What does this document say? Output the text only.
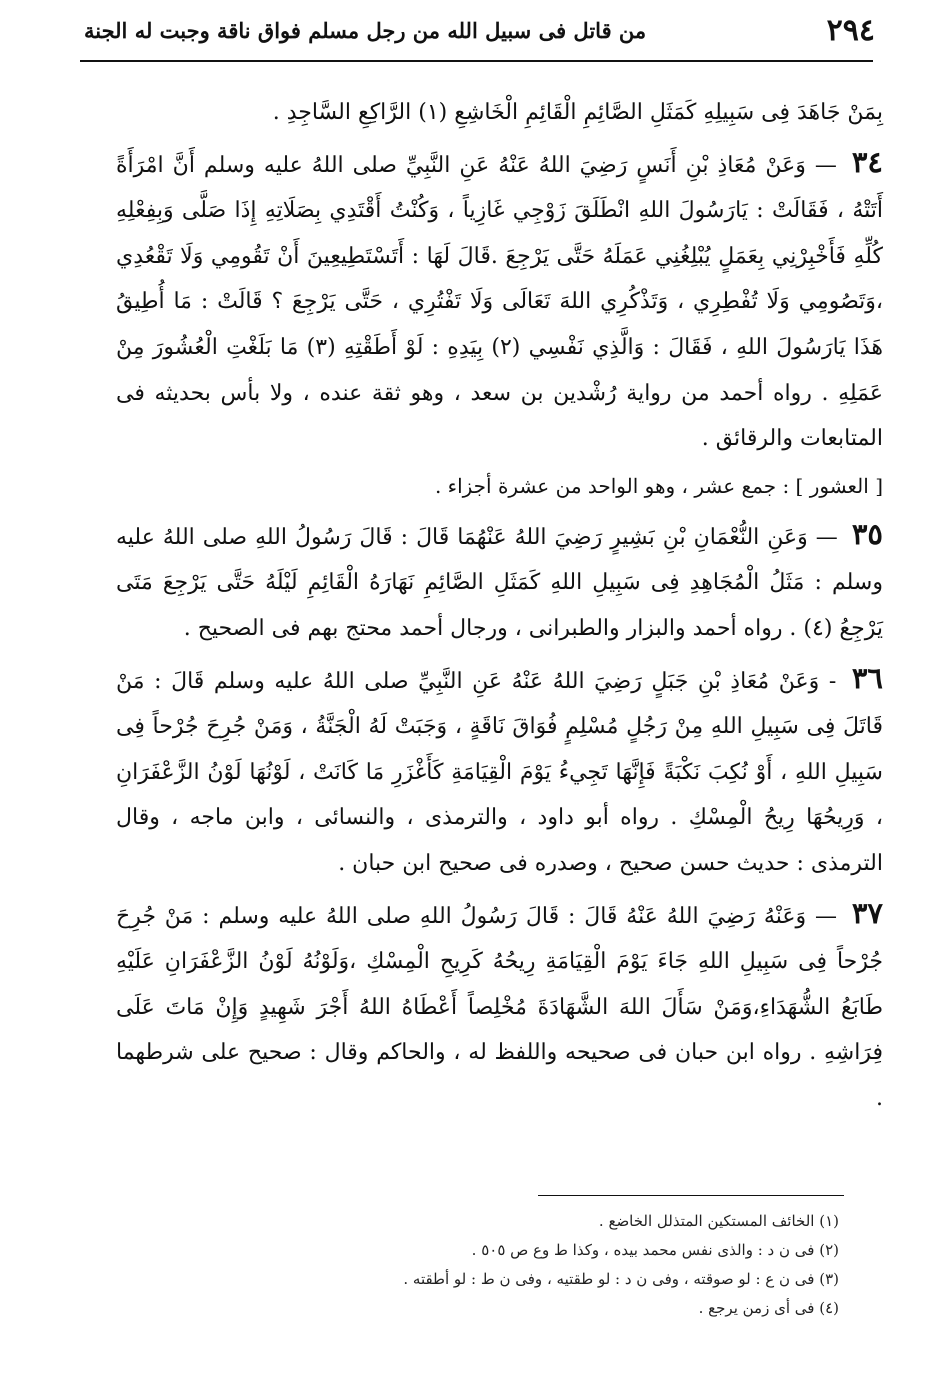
٢٩٤
من قاتل فى سبيل الله من رجل مسلم فواق ناقة وجبت له الجنة

بِمَنْ جَاهَدَ فِى سَبِيلِهِ كَمَثَلِ الصَّائِمِ الْقَائِمِ الْخَاشِعِ (١) الرَّاكِعِ السَّاجِدِ .

٣٤ — وَعَنْ مُعَاذِ بْنِ أَنَسٍ رَضِيَ اللهُ عَنْهُ عَنِ النَّبِيِّ صلى اللهُ عليه وسلم أَنَّ امْرَأَةً أَتَتْهُ ، فَقَالَتْ : يَارَسُولَ اللهِ انْطَلَقَ زَوْجِي غَازِياً ، وَكُنْتُ أَقْتَدِي بِصَلَاتِهِ إِذَا صَلَّى وَبِفِعْلِهِ كُلِّهِ فَأَخْبِرْنِي بِعَمَلٍ يُبْلِغُنِي عَمَلَهُ حَتَّى يَرْجِعَ .قَالَ لَهَا : أَتَسْتَطِيعِينَ أَنْ تَقُومِي وَلَا تَقْعُدِي ،وَتَصُومِي وَلَا تُفْطِرِي ، وَتَذْكُرِي اللهَ تَعَالَى وَلَا تَفْتُرِي ، حَتَّى يَرْجِعَ ؟ قَالَتْ : مَا أُطِيقُ هَذَا يَارَسُولَ اللهِ ، فَقَالَ : وَالَّذِي نَفْسِي (٢) بِيَدِهِ : لَوْ أَطَقْتِهِ (٣) مَا بَلَغْتِ الْعُشُورَ مِنْ عَمَلِهِ . رواه أحمد من رواية رُشْدين بن سعد ، وهو ثقة عنده ، ولا بأس بحديثه فى المتابعات والرقائق .

[ العشور ] : جمع عشر ، وهو الواحد من عشرة أجزاء .

٣٥ — وَعَنِ النُّعْمَانِ بْنِ بَشِيرٍ رَضِيَ اللهُ عَنْهُمَا قَالَ : قَالَ رَسُولُ اللهِ صلى اللهُ عليه وسلم : مَثَلُ الْمُجَاهِدِ فِى سَبِيلِ اللهِ كَمَثَلِ الصَّائِمِ نَهَارَهُ الْقَائِمِ لَيْلَهُ حَتَّى يَرْجِعَ مَتَى يَرْجِعُ (٤) . رواه أحمد والبزار والطبرانى ، ورجال أحمد محتج بهم فى الصحيح .

٣٦ - وَعَنْ مُعَاذِ بْنِ جَبَلٍ رَضِيَ اللهُ عَنْهُ عَنِ النَّبِيِّ صلى اللهُ عليه وسلم قَالَ : مَنْ قَاتَلَ فِى سَبِيلِ اللهِ مِنْ رَجُلٍ مُسْلِمٍ فُوَاقَ نَاقَةٍ ، وَجَبَتْ لَهُ الْجَنَّةُ ، وَمَنْ جُرِحَ جُرْحاً فِى سَبِيلِ اللهِ ، أَوْ نُكِبَ نَكْبَةً فَإِنَّهَا تَجِيءُ يَوْمَ الْقِيَامَةِ كَأَغْزَرِ مَا كَانَتْ ، لَوْنُهَا لَوْنُ الزَّعْفَرَانِ ، وَرِيحُهَا رِيحُ الْمِسْكِ . رواه أبو داود ، والترمذى ، والنسائى ، وابن ماجه ، وقال الترمذى : حديث حسن صحيح ، وصدره فى صحيح ابن حبان .

٣٧ — وَعَنْهُ رَضِيَ اللهُ عَنْهُ قَالَ : قَالَ رَسُولُ اللهِ صلى اللهُ عليه وسلم : مَنْ جُرِحَ جُرْحاً فِى سَبِيلِ اللهِ جَاءَ يَوْمَ الْقِيَامَةِ رِيحُهُ كَرِيحِ الْمِسْكِ ،وَلَوْنُهُ لَوْنُ الزَّعْفَرَانِ عَلَيْهِ طَابَعُ الشُّهَدَاءِ،وَمَنْ سَأَلَ اللهَ الشَّهَادَةَ مُخْلِصاً أَعْطَاهُ اللهُ أَجْرَ شَهِيدٍ وَإِنْ مَاتَ عَلَى فِرَاشِهِ . رواه ابن حبان فى صحيحه واللفظ له ، والحاكم وقال : صحيح على شرطهما .

(١) الخائف المستكين المتذلل الخاضع .

(٢) فى ن د : والذى نفس محمد بيده ، وكذا ط وع ص ٥٠٥ .

(٣) فى ن ع : لو صوقته ، وفى ن د : لو طقتيه ، وفى ن ط : لو أطقته .

(٤) فى أى زمن يرجع .
